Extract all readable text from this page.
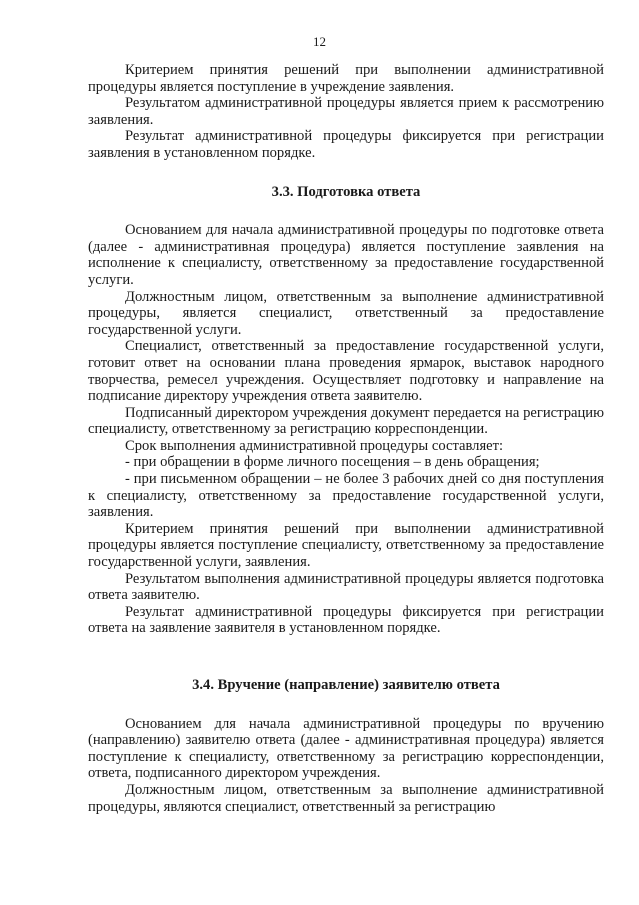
12

Критерием принятия решений при выполнении административной процедуры является поступление в учреждение заявления.

Результатом административной процедуры является прием к рассмотрению заявления.

Результат административной процедуры фиксируется при регистрации заявления в установленном порядке.

3.3. Подготовка ответа

Основанием для начала административной процедуры по подготовке ответа (далее - административная процедура) является поступление заявления на исполнение к специалисту, ответственному за предоставление государственной услуги.

Должностным лицом, ответственным за выполнение административной процедуры, является специалист, ответственный за предоставление государственной услуги.

Специалист, ответственный за предоставление государственной услуги, готовит ответ на основании плана проведения ярмарок, выставок народного творчества, ремесел учреждения. Осуществляет подготовку и направление на подписание директору учреждения ответа заявителю.

Подписанный директором учреждения документ передается на регистрацию специалисту, ответственному за регистрацию корреспонденции.

Срок выполнения административной процедуры составляет:

- при обращении в форме личного посещения – в день обращения;

- при письменном обращении – не более 3 рабочих дней со дня поступления к специалисту, ответственному за предоставление государственной услуги, заявления.

Критерием принятия решений при выполнении административной процедуры является поступление специалисту, ответственному за предоставление государственной услуги, заявления.

Результатом выполнения административной процедуры является подготовка ответа заявителю.

Результат административной процедуры фиксируется при регистрации ответа на заявление заявителя в установленном порядке.

3.4. Вручение (направление) заявителю ответа

Основанием для начала административной процедуры по вручению (направлению) заявителю ответа (далее - административная процедура) является поступление к специалисту, ответственному за регистрацию корреспонденции, ответа, подписанного директором учреждения.

Должностным лицом, ответственным за выполнение административной процедуры, являются специалист, ответственный за регистрацию
